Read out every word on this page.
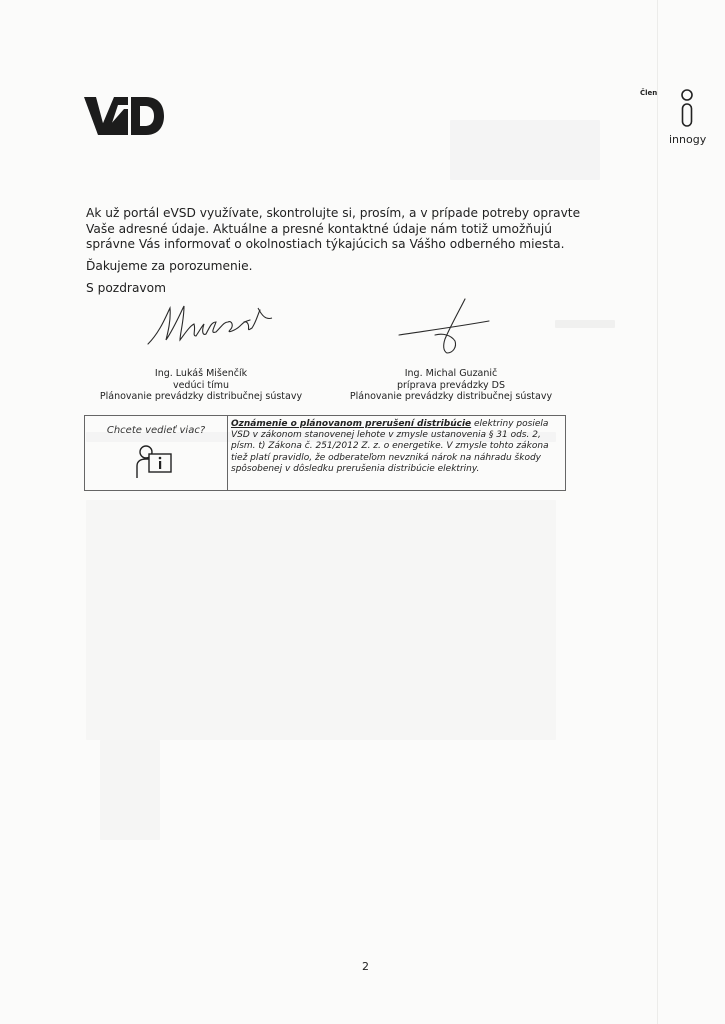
Člen
innogy
Ak už portál eVSD využívate, skontrolujte si, prosím, a v prípade potreby opravte Vaše adresné údaje. Aktuálne a presné kontaktné údaje nám totiž umožňujú správne Vás informovať o okolnostiach týkajúcich sa Vášho odberného miesta.
Ďakujeme za porozumenie.
S pozdravom
Ing. Lukáš Mišenčík
vedúci tímu
Plánovanie prevádzky distribučnej sústavy
Ing. Michal Guzanič
príprava prevádzky DS
Plánovanie prevádzky distribučnej sústavy
Chcete vedieť viac?
Oznámenie o plánovanom prerušení distribúcie elektriny posiela VSD v zákonom stanovenej lehote v zmysle ustanovenia § 31 ods. 2, písm. t) Zákona č. 251/2012 Z. z. o energetike. V zmysle tohto zákona tiež platí pravidlo, že odberateľom nevzniká nárok na náhradu škody spôsobenej v dôsledku prerušenia distribúcie elektriny.
2
